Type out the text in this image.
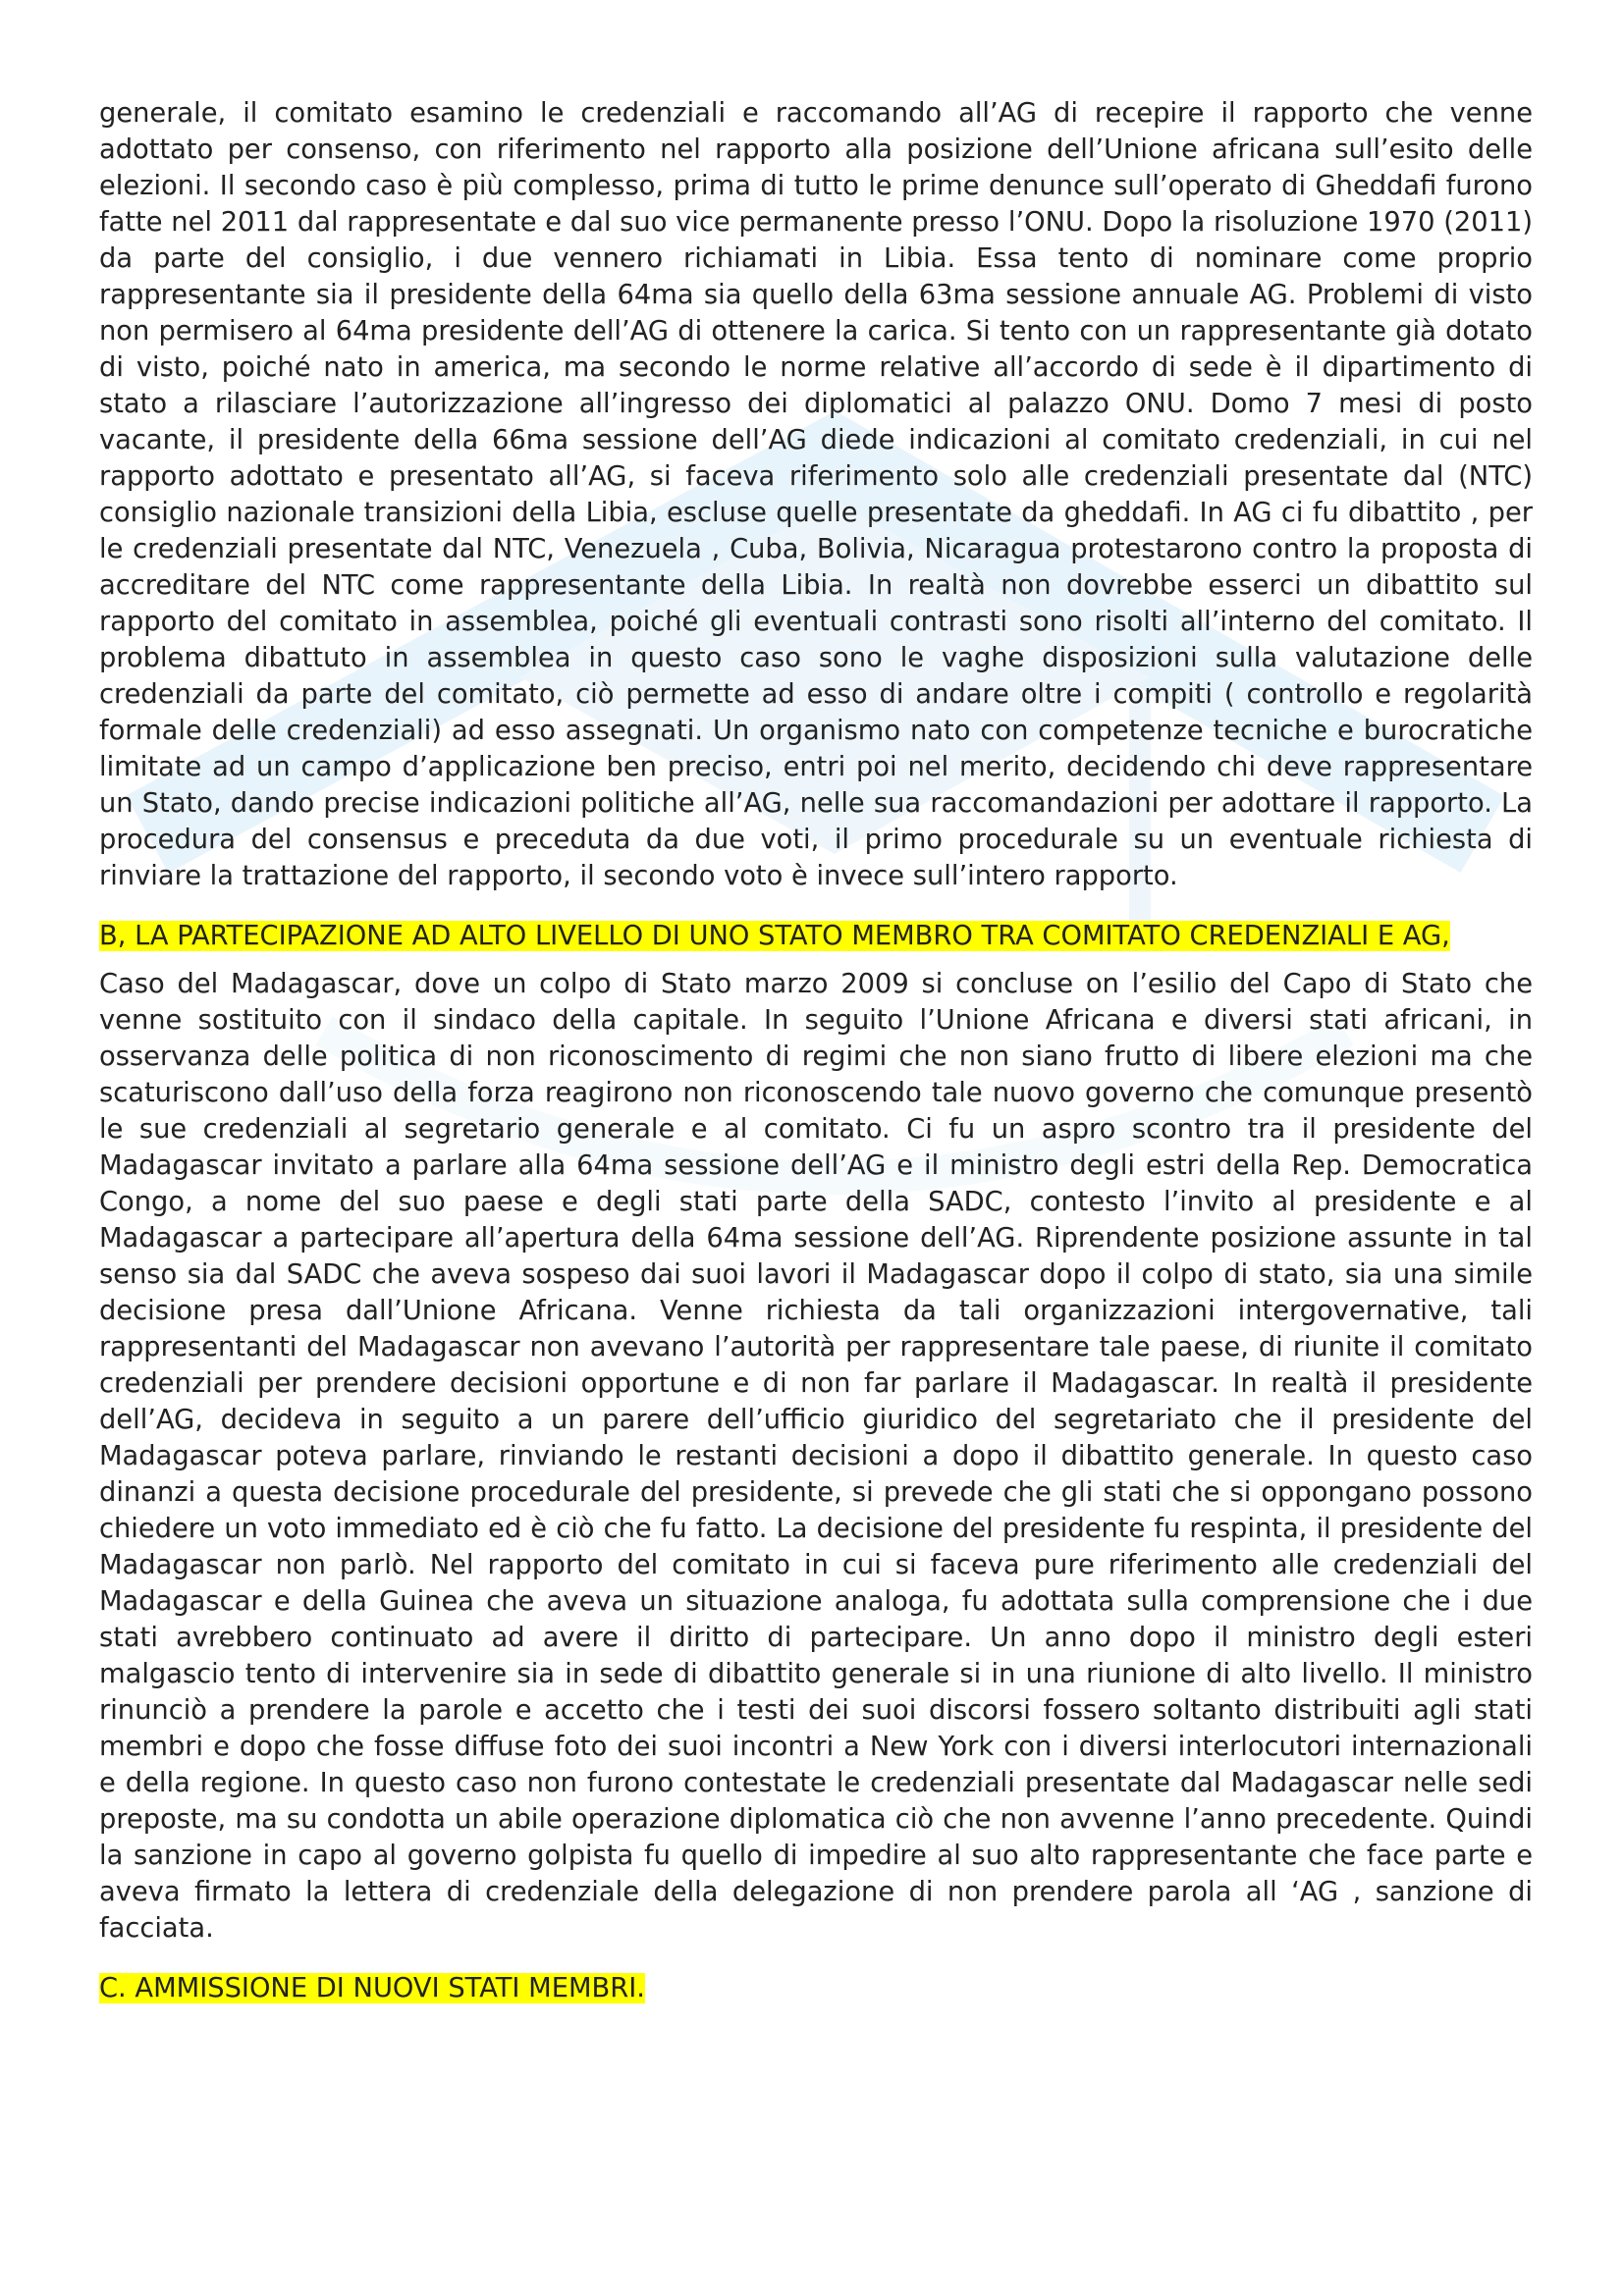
generale, il comitato esamino le credenziali e raccomando all’AG di recepire il rapporto che venne adottato per consenso, con riferimento nel rapporto alla posizione dell’Unione africana sull’esito delle elezioni. Il secondo caso è più complesso, prima di tutto le prime denunce sull’operato di Gheddafi furono fatte nel 2011 dal rappresentate e dal suo vice permanente presso l’ONU. Dopo la risoluzione 1970 (2011) da parte del consiglio, i due vennero richiamati in Libia. Essa tento di nominare come proprio rappresentante sia il presidente della 64ma sia quello della 63ma sessione annuale AG. Problemi di visto non permisero al 64ma presidente dell’AG di ottenere la carica. Si tento con un rappresentante già dotato di visto, poiché nato in america, ma secondo le norme relative all’accordo di sede è il dipartimento di stato a rilasciare l’autorizzazione all’ingresso dei diplomatici al palazzo ONU. Domo 7 mesi di posto vacante, il presidente della 66ma sessione dell’AG diede indicazioni al comitato credenziali, in cui nel rapporto adottato e presentato all’AG, si faceva riferimento solo alle credenziali presentate dal (NTC) consiglio nazionale transizioni della Libia, escluse quelle presentate da gheddafi. In AG ci fu dibattito , per le credenziali presentate dal NTC, Venezuela , Cuba, Bolivia, Nicaragua protestarono contro la proposta di accreditare del NTC come rappresentante della Libia. In realtà non dovrebbe esserci un dibattito sul rapporto del comitato in assemblea, poiché gli eventuali contrasti sono risolti all’interno del comitato. Il problema dibattuto in assemblea in questo caso sono le vaghe disposizioni sulla valutazione delle credenziali da parte del comitato, ciò permette ad esso di andare oltre i compiti ( controllo e regolarità formale delle credenziali) ad esso assegnati. Un organismo nato con competenze tecniche e burocratiche limitate ad un campo d’applicazione ben preciso, entri poi nel merito, decidendo chi deve rappresentare un Stato, dando precise indicazioni politiche all’AG, nelle sua raccomandazioni per adottare il rapporto. La procedura del consensus e preceduta da due voti, il primo procedurale su un eventuale richiesta di rinviare la trattazione del rapporto, il secondo voto è invece sull’intero rapporto.

B, LA PARTECIPAZIONE AD ALTO LIVELLO DI UNO STATO MEMBRO TRA COMITATO CREDENZIALI E AG,

Caso del Madagascar, dove un colpo di Stato marzo 2009 si concluse on l’esilio del Capo di Stato che venne sostituito con il sindaco della capitale. In seguito l’Unione Africana e diversi stati africani, in osservanza delle politica di non riconoscimento di regimi che non siano frutto di libere elezioni ma che scaturiscono dall’uso della forza reagirono non riconoscendo tale nuovo governo che comunque presentò le sue credenziali al segretario generale e al comitato. Ci fu un aspro scontro tra il presidente del Madagascar invitato a parlare alla 64ma sessione dell’AG e il ministro degli estri della Rep. Democratica Congo, a nome del suo paese e degli stati parte della SADC, contesto l’invito al presidente e al Madagascar a partecipare all’apertura della 64ma sessione dell’AG. Riprendente posizione assunte in tal senso sia dal SADC che aveva sospeso dai suoi lavori il Madagascar dopo il colpo di stato, sia una simile decisione presa dall’Unione Africana. Venne richiesta da tali organizzazioni intergovernative, tali rappresentanti del Madagascar non avevano l’autorità per rappresentare tale paese, di riunite il comitato credenziali per prendere decisioni opportune e di non far parlare il Madagascar. In realtà il presidente dell’AG, decideva in seguito a un parere dell’ufficio giuridico del segretariato che il presidente del Madagascar poteva parlare, rinviando le restanti decisioni a dopo il dibattito generale. In questo caso dinanzi a questa decisione procedurale del presidente, si prevede che gli stati che si oppongano possono chiedere un voto immediato ed è ciò che fu fatto. La decisione del presidente fu respinta, il presidente del Madagascar non parlò. Nel rapporto del comitato in cui si faceva pure riferimento alle credenziali del Madagascar e della Guinea che aveva un situazione analoga, fu adottata sulla comprensione che i due stati avrebbero continuato ad avere il diritto di partecipare. Un anno dopo il ministro degli esteri malgascio tento di intervenire sia in sede di dibattito generale si in una riunione di alto livello. Il ministro rinunciò a prendere la parole e accetto che i testi dei suoi discorsi fossero soltanto distribuiti agli stati membri e dopo che fosse diffuse foto dei suoi incontri a New York con i diversi interlocutori internazionali e della regione. In questo caso non furono contestate le credenziali presentate dal Madagascar nelle sedi preposte, ma su condotta un abile operazione diplomatica ciò che non avvenne l’anno precedente. Quindi la sanzione in capo al governo golpista fu quello di impedire al suo alto rappresentante che face parte e aveva firmato la lettera di credenziale della delegazione di non prendere parola all ‘AG , sanzione di facciata.

C. AMMISSIONE DI NUOVI STATI MEMBRI.
